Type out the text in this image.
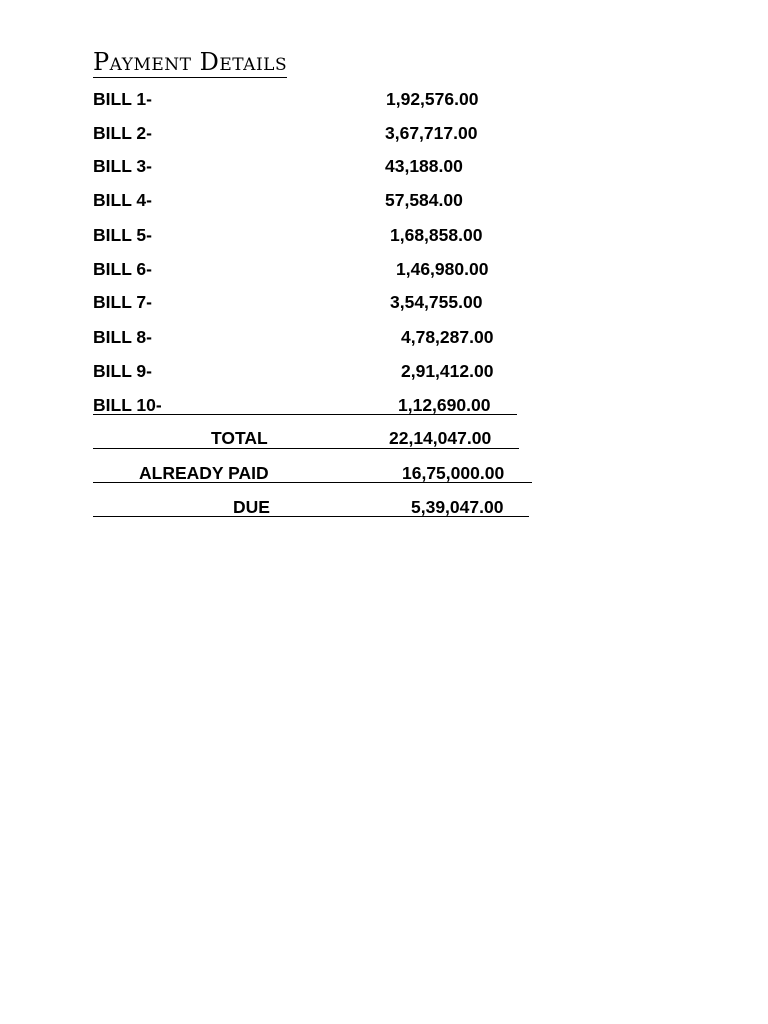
Payment Details
BILL 1-	1,92,576.00
BILL 2-	3,67,717.00
BILL 3-	43,188.00
BILL 4-	57,584.00
BILL 5-	1,68,858.00
BILL 6-	1,46,980.00
BILL 7-	3,54,755.00
BILL 8-	4,78,287.00
BILL 9-	2,91,412.00
BILL 10-	1,12,690.00
TOTAL	22,14,047.00
ALREADY PAID	16,75,000.00
DUE	5,39,047.00
